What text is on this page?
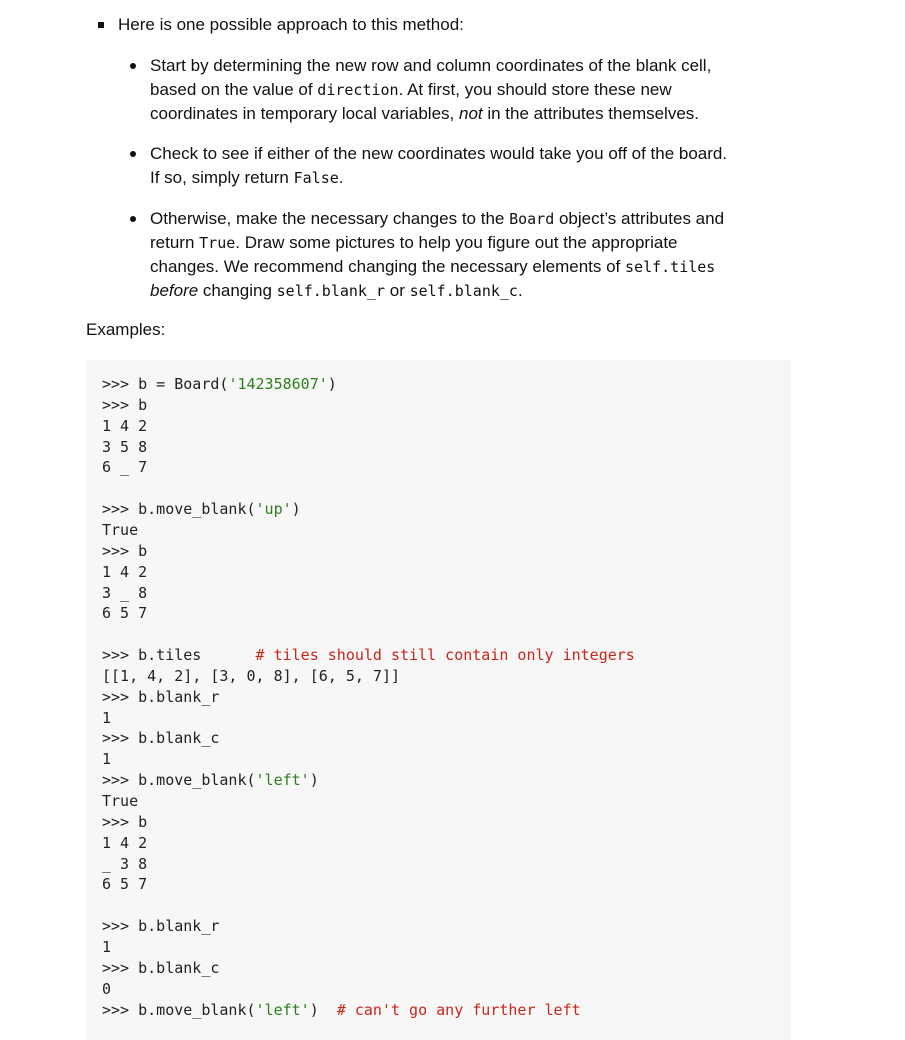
Here is one possible approach to this method:
Start by determining the new row and column coordinates of the blank cell,
based on the value of direction. At first, you should store these new
coordinates in temporary local variables, not in the attributes themselves.
Check to see if either of the new coordinates would take you off of the board.
If so, simply return False.
Otherwise, make the necessary changes to the Board object’s attributes and
return True. Draw some pictures to help you figure out the appropriate
changes. We recommend changing the necessary elements of self.tiles
before changing self.blank_r or self.blank_c.
Examples:
>>> b = Board('142358607')
>>> b
1 4 2
3 5 8
6 _ 7
>>> b.move_blank('up')
True
>>> b
1 4 2
3 _ 8
6 5 7
>>> b.tiles      # tiles should still contain only integers
[[1, 4, 2], [3, 0, 8], [6, 5, 7]]
>>> b.blank_r
1
>>> b.blank_c
1
>>> b.move_blank('left')
True
>>> b
1 4 2
_ 3 8
6 5 7
>>> b.blank_r
1
>>> b.blank_c
0
>>> b.move_blank('left')  # can't go any further left
